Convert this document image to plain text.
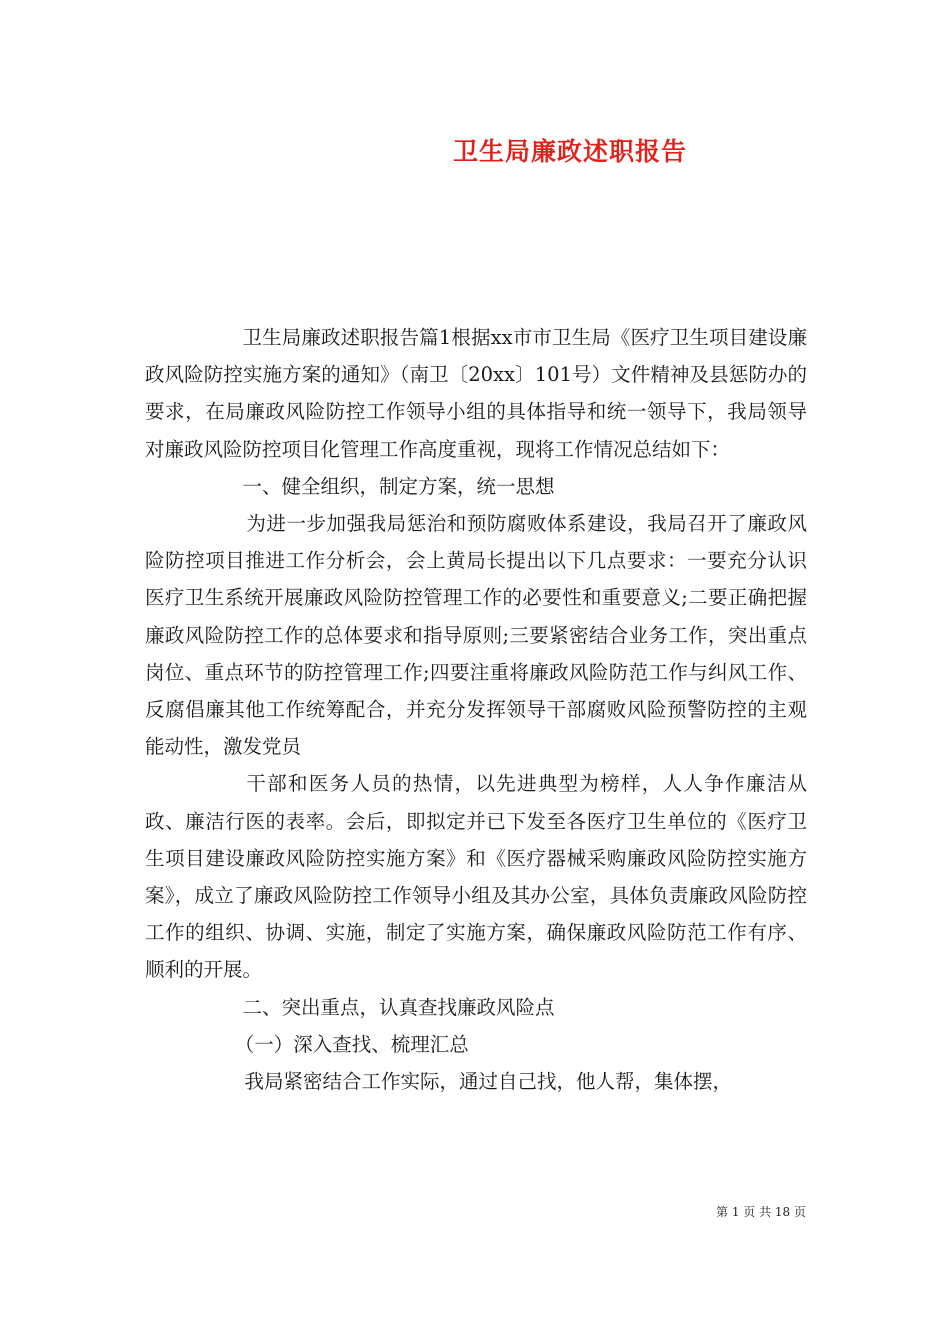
卫生局廉政述职报告

卫生局廉政述职报告篇1根据xx市市卫生局《医疗卫生项目建设廉政风险防控实施方案的通知》（南卫〔20xx〕101号）文件精神及县惩防办的要求，在局廉政风险防控工作领导小组的具体指导和统一领导下，我局领导对廉政风险防控项目化管理工作高度重视，现将工作情况总结如下：

一、健全组织，制定方案，统一思想

为进一步加强我局惩治和预防腐败体系建设，我局召开了廉政风险防控项目推进工作分析会，会上黄局长提出以下几点要求：一要充分认识医疗卫生系统开展廉政风险防控管理工作的必要性和重要意义;二要正确把握廉政风险防控工作的总体要求和指导原则;三要紧密结合业务工作，突出重点岗位、重点环节的防控管理工作;四要注重将廉政风险防范工作与纠风工作、反腐倡廉其他工作统筹配合，并充分发挥领导干部腐败风险预警防控的主观能动性，激发党员

干部和医务人员的热情，以先进典型为榜样，人人争作廉洁从政、廉洁行医的表率。会后，即拟定并已下发至各医疗卫生单位的《医疗卫生项目建设廉政风险防控实施方案》和《医疗器械采购廉政风险防控实施方案》，成立了廉政风险防控工作领导小组及其办公室，具体负责廉政风险防控工作的组织、协调、实施，制定了实施方案，确保廉政风险防范工作有序、顺利的开展。

二、突出重点，认真查找廉政风险点

（一）深入查找、梳理汇总

我局紧密结合工作实际，通过自己找，他人帮，集体摆，

第 1 页 共 18 页
